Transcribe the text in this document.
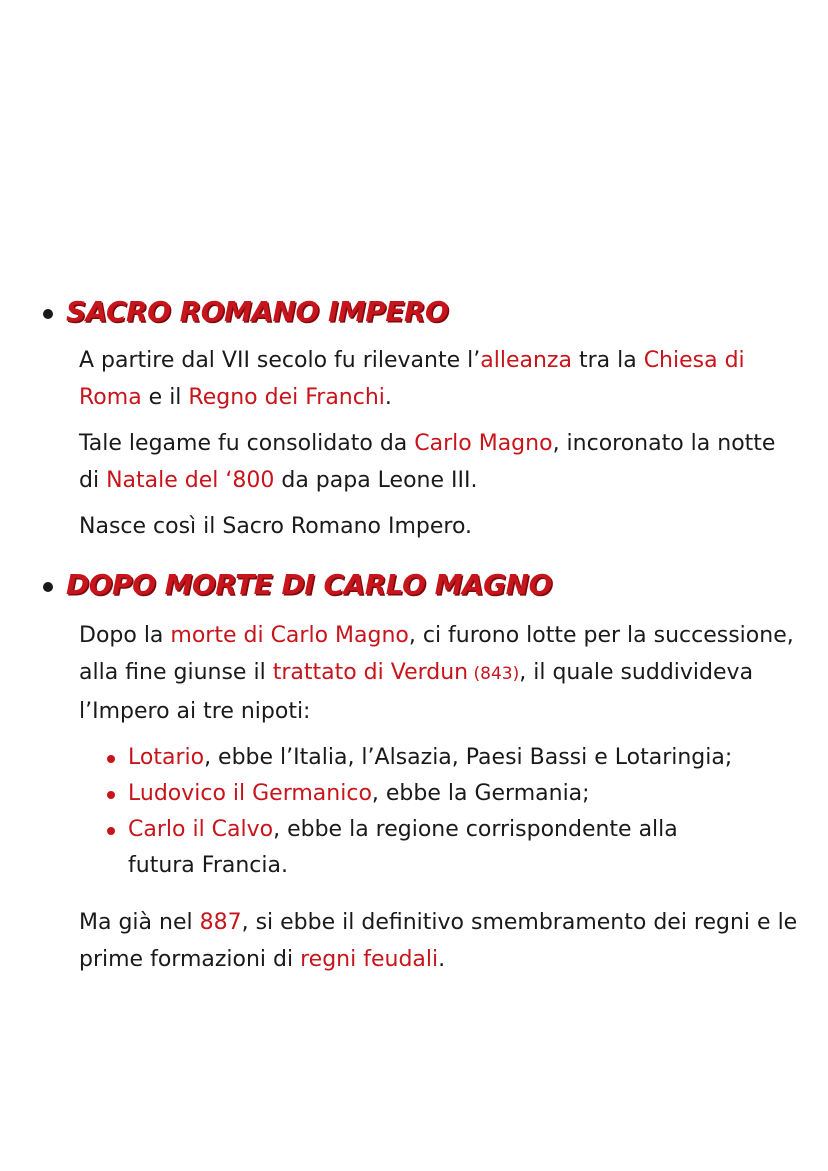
SACRO ROMANO IMPERO

A partire dal VII secolo fu rilevante l’alleanza tra la Chiesa di Roma e il Regno dei Franchi.

Tale legame fu consolidato da Carlo Magno, incoronato la notte di Natale del ‘800 da papa Leone III.

Nasce così il Sacro Romano Impero.

DOPO MORTE DI CARLO MAGNO

Dopo la morte di Carlo Magno, ci furono lotte per la successione, alla fine giunse il trattato di Verdun (843), il quale suddivideva l’Impero ai tre nipoti:

Lotario, ebbe l’Italia, l’Alsazia, Paesi Bassi e Lotaringia;
Ludovico il Germanico, ebbe la Germania;
Carlo il Calvo, ebbe la regione corrispondente alla futura Francia.

Ma già nel 887, si ebbe il definitivo smembramento dei regni e le prime formazioni di regni feudali.
